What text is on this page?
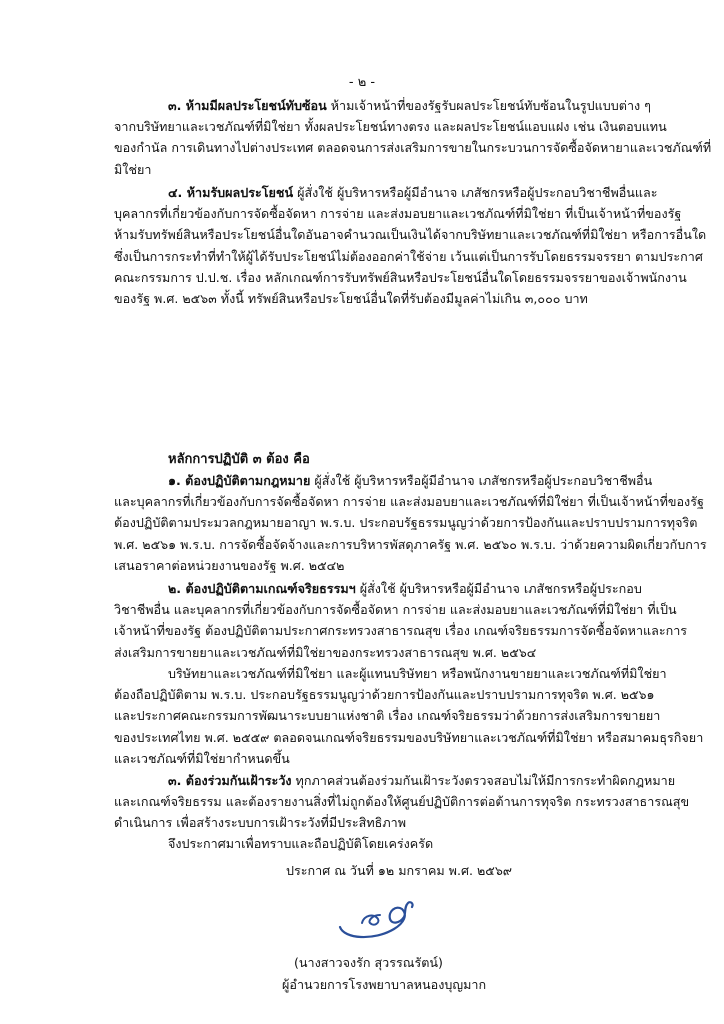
- ๒ -
๓. ห้ามมีผลประโยชน์ทับซ้อน ห้ามเจ้าหน้าที่ของรัฐรับผลประโยชน์ทับซ้อนในรูปแบบต่าง ๆ
จากบริษัทยาและเวชภัณฑ์ที่มิใช่ยา ทั้งผลประโยชน์ทางตรง และผลประโยชน์แอบแฝง เช่น เงินตอบแทน
ของกำนัล การเดินทางไปต่างประเทศ ตลอดจนการส่งเสริมการขายในกระบวนการจัดซื้อจัดหายาและเวชภัณฑ์ที่
มิใช่ยา
๔. ห้ามรับผลประโยชน์ ผู้สั่งใช้ ผู้บริหารหรือผู้มีอำนาจ เภสัชกรหรือผู้ประกอบวิชาชีพอื่นและ
บุคลากรที่เกี่ยวข้องกับการจัดซื้อจัดหา การจ่าย และส่งมอบยาและเวชภัณฑ์ที่มิใช่ยา ที่เป็นเจ้าหน้าที่ของรัฐ
ห้ามรับทรัพย์สินหรือประโยชน์อื่นใดอันอาจคำนวณเป็นเงินได้จากบริษัทยาและเวชภัณฑ์ที่มิใช่ยา หรือการอื่นใด
ซึ่งเป็นการกระทำที่ทำให้ผู้ได้รับประโยชน์ไม่ต้องออกค่าใช้จ่าย เว้นแต่เป็นการรับโดยธรรมจรรยา ตามประกาศ
คณะกรรมการ ป.ป.ช. เรื่อง หลักเกณฑ์การรับทรัพย์สินหรือประโยชน์อื่นใดโดยธรรมจรรยาของเจ้าพนักงาน
ของรัฐ พ.ศ. ๒๕๖๓ ทั้งนี้ ทรัพย์สินหรือประโยชน์อื่นใดที่รับต้องมีมูลค่าไม่เกิน ๓,๐๐๐ บาท
หลักการปฏิบัติ ๓ ต้อง คือ
๑. ต้องปฏิบัติตามกฎหมาย ผู้สั่งใช้ ผู้บริหารหรือผู้มีอำนาจ เภสัชกรหรือผู้ประกอบวิชาชีพอื่น
และบุคลากรที่เกี่ยวข้องกับการจัดซื้อจัดหา การจ่าย และส่งมอบยาและเวชภัณฑ์ที่มิใช่ยา ที่เป็นเจ้าหน้าที่ของรัฐ
ต้องปฏิบัติตามประมวลกฎหมายอาญา พ.ร.บ. ประกอบรัฐธรรมนูญว่าด้วยการป้องกันและปราบปรามการทุจริต
พ.ศ. ๒๕๖๑ พ.ร.บ. การจัดซื้อจัดจ้างและการบริหารพัสดุภาครัฐ พ.ศ. ๒๕๖๐ พ.ร.บ. ว่าด้วยความผิดเกี่ยวกับการ
เสนอราคาต่อหน่วยงานของรัฐ พ.ศ. ๒๕๔๒
๒. ต้องปฏิบัติตามเกณฑ์จริยธรรมฯ ผู้สั่งใช้ ผู้บริหารหรือผู้มีอำนาจ เภสัชกรหรือผู้ประกอบ
วิชาชีพอื่น และบุคลากรที่เกี่ยวข้องกับการจัดซื้อจัดหา การจ่าย และส่งมอบยาและเวชภัณฑ์ที่มิใช่ยา ที่เป็น
เจ้าหน้าที่ของรัฐ ต้องปฏิบัติตามประกาศกระทรวงสาธารณสุข เรื่อง เกณฑ์จริยธรรมการจัดซื้อจัดหาและการ
ส่งเสริมการขายยาและเวชภัณฑ์ที่มิใช่ยาของกระทรวงสาธารณสุข พ.ศ. ๒๕๖๔
บริษัทยาและเวชภัณฑ์ที่มิใช่ยา และผู้แทนบริษัทยา หรือพนักงานขายยาและเวชภัณฑ์ที่มิใช่ยา
ต้องถือปฏิบัติตาม พ.ร.บ. ประกอบรัฐธรรมนูญว่าด้วยการป้องกันและปราบปรามการทุจริต พ.ศ. ๒๕๖๑
และประกาศคณะกรรมการพัฒนาระบบยาแห่งชาติ เรื่อง เกณฑ์จริยธรรมว่าด้วยการส่งเสริมการขายยา
ของประเทศไทย พ.ศ. ๒๕๕๙ ตลอดจนเกณฑ์จริยธรรมของบริษัทยาและเวชภัณฑ์ที่มิใช่ยา หรือสมาคมธุรกิจยา
และเวชภัณฑ์ที่มิใช่ยากำหนดขึ้น
๓. ต้องร่วมกันเฝ้าระวัง ทุกภาคส่วนต้องร่วมกันเฝ้าระวังตรวจสอบไม่ให้มีการกระทำผิดกฎหมาย
และเกณฑ์จริยธรรม และต้องรายงานสิ่งที่ไม่ถูกต้องให้ศูนย์ปฏิบัติการต่อต้านการทุจริต กระทรวงสาธารณสุข
ดำเนินการ เพื่อสร้างระบบการเฝ้าระวังที่มีประสิทธิภาพ
จึงประกาศมาเพื่อทราบและถือปฏิบัติโดยเคร่งครัด
ประกาศ ณ วันที่ ๑๒ มกราคม พ.ศ. ๒๕๖๙
(นางสาวจงรัก สุวรรณรัตน์)
ผู้อำนวยการโรงพยาบาลหนองบุญมาก
